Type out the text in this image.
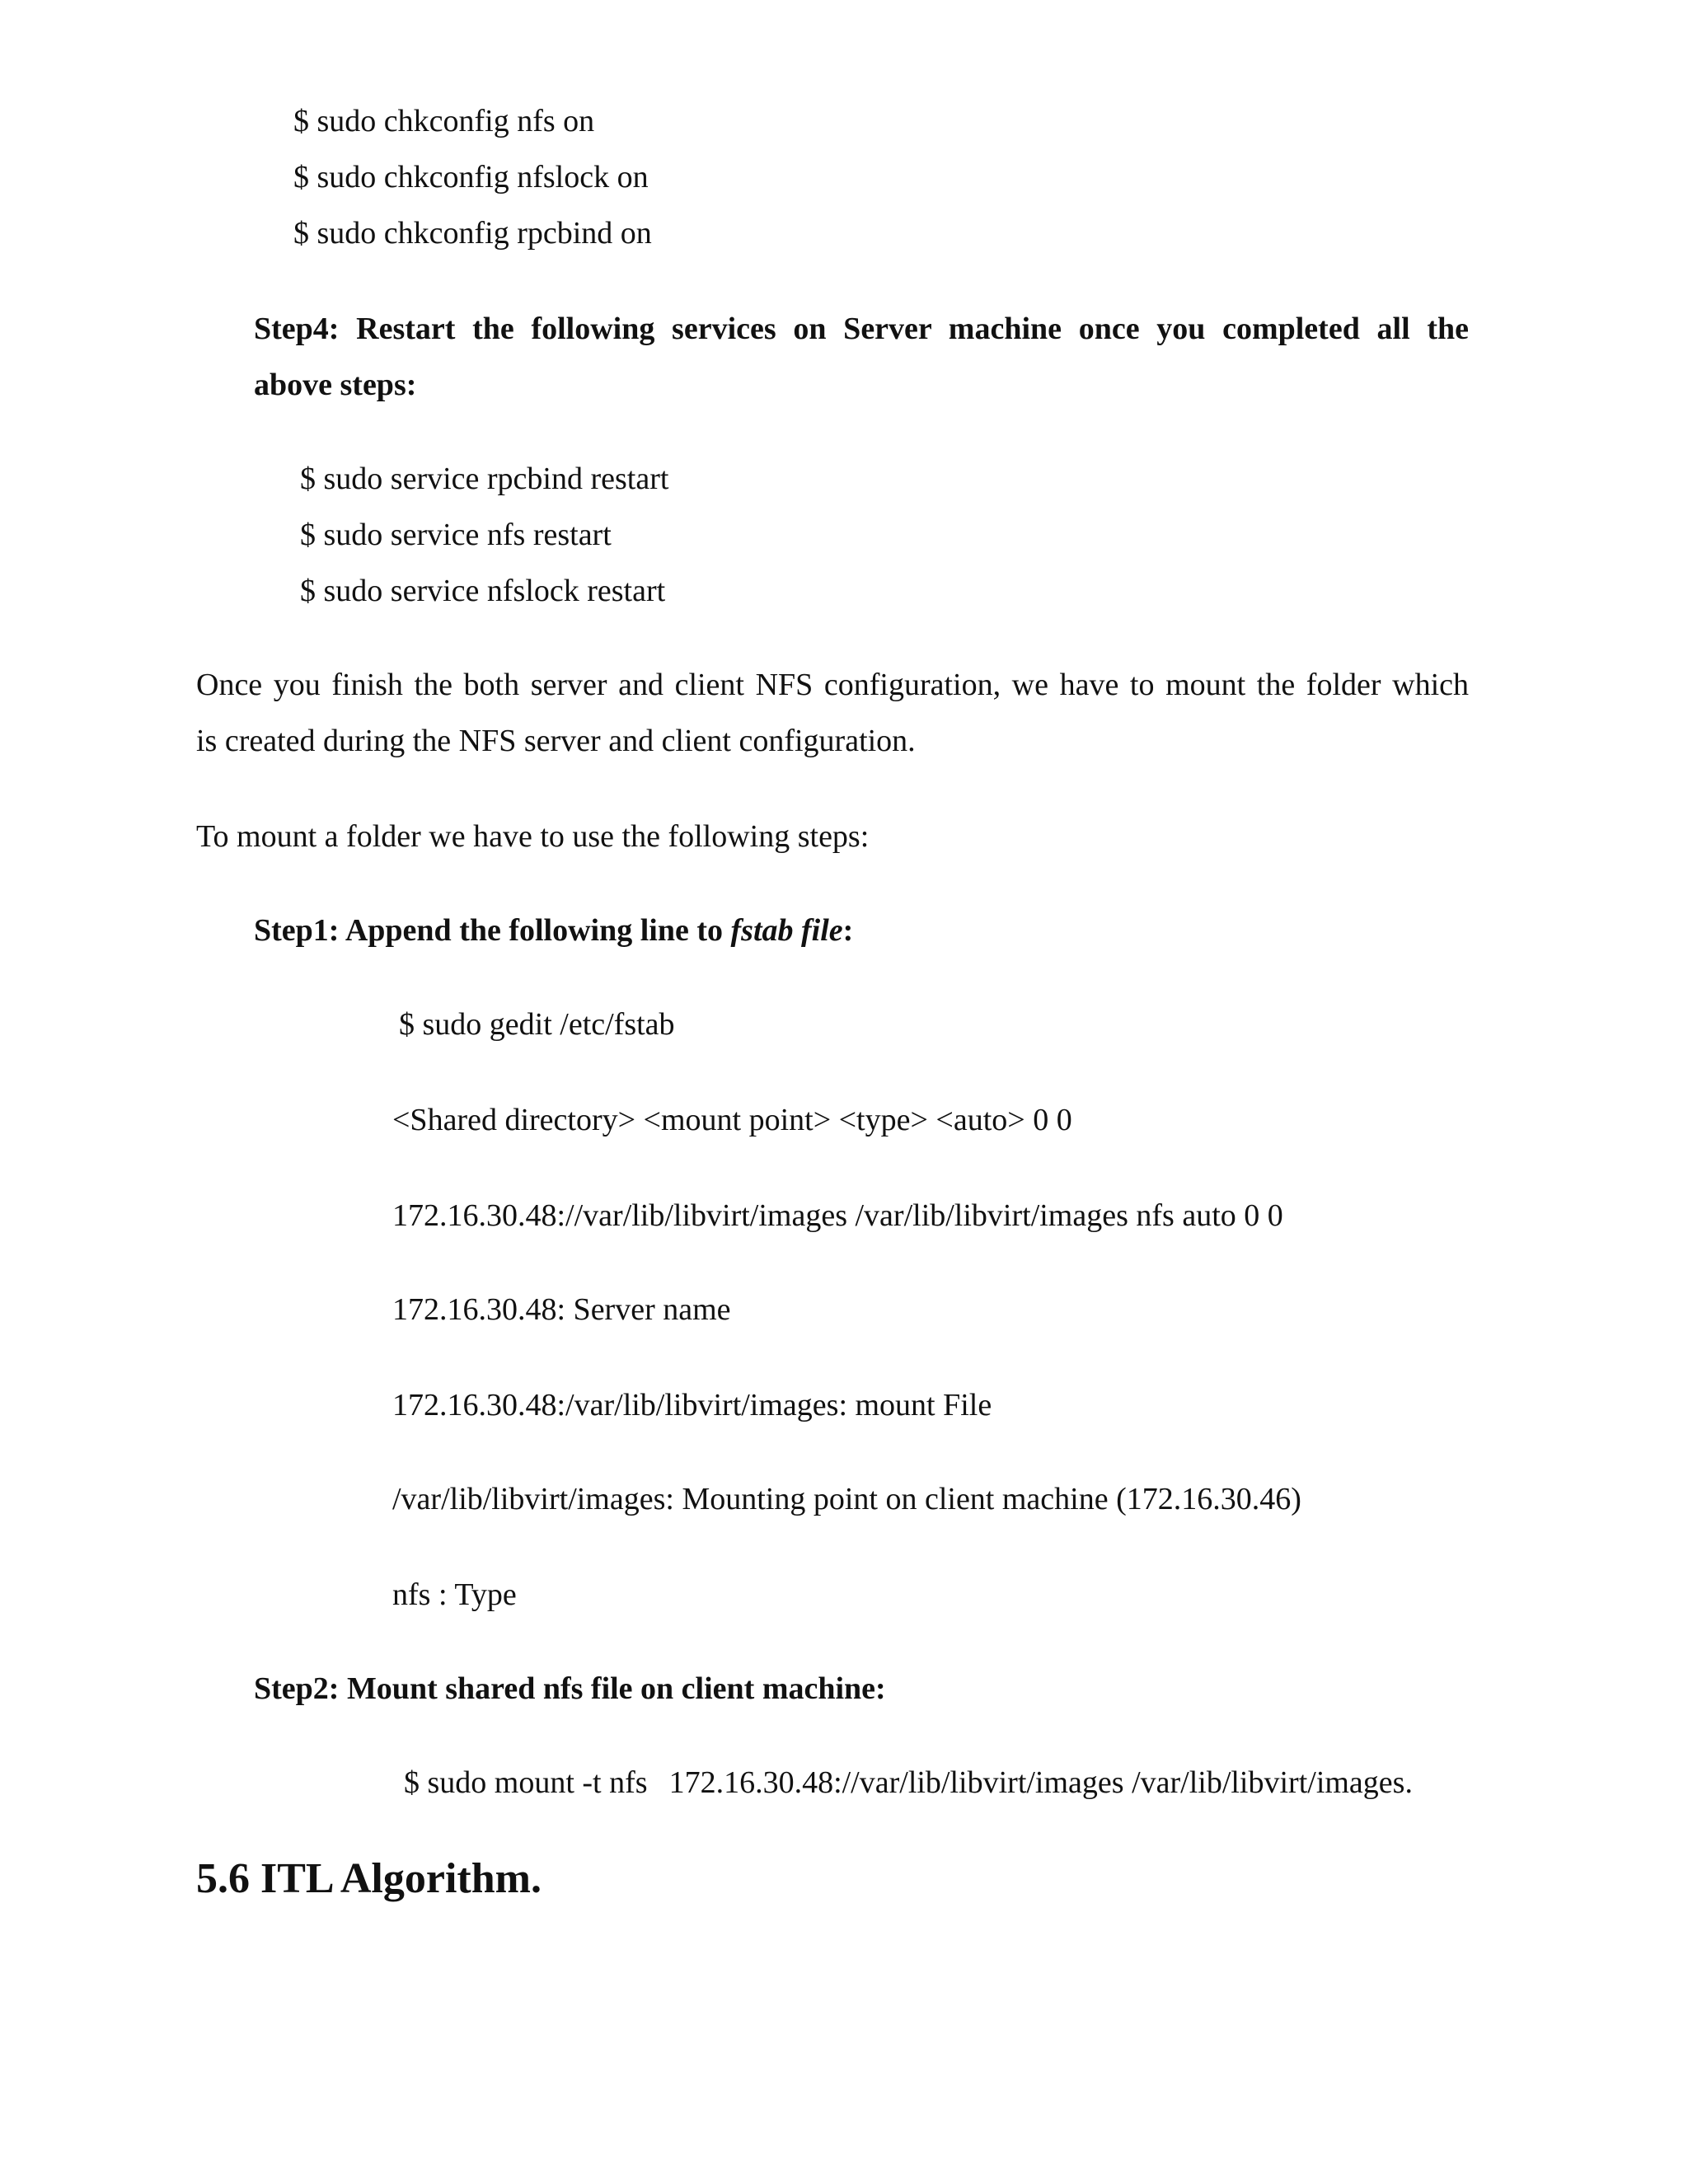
$ sudo chkconfig nfs on
$ sudo chkconfig nfslock on
$ sudo chkconfig rpcbind on
Step4: Restart the following services on Server machine once you completed all the
above steps:
$ sudo service rpcbind restart
$ sudo service nfs restart
$ sudo service nfslock restart
Once you finish the both server and client NFS configuration, we have to mount the folder which
is created during the NFS server and client configuration.
To mount a folder we have to use the following steps:
Step1: Append the following line to fstab file:
$ sudo gedit /etc/fstab
<Shared directory> <mount point> <type> <auto> 0 0
172.16.30.48://var/lib/libvirt/images /var/lib/libvirt/images nfs auto 0 0
172.16.30.48: Server name
172.16.30.48:/var/lib/libvirt/images: mount File
/var/lib/libvirt/images: Mounting point on client machine (172.16.30.46)
nfs : Type
Step2: Mount shared nfs file on client machine:
$ sudo mount -t nfs 172.16.30.48://var/lib/libvirt/images /var/lib/libvirt/images.
5.6 ITL Algorithm.
